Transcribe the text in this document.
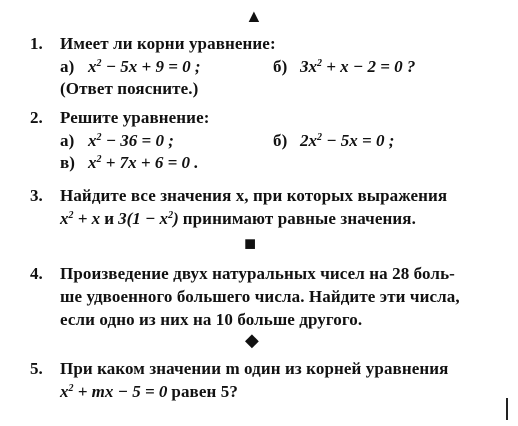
▲
■
◆
1. Имеет ли корни уравнение:
а) $x^2 - 5x + 9 = 0$ ;	б) $3x^2 + x - 2 = 0$ ?
(Ответ поясните.)
2. Решите уравнение:
а) $x^2 - 36 = 0$ ;	б) $2x^2 - 5x = 0$ ;
в) $x^2 + 7x + 6 = 0$ .
3. Найдите все значения x, при которых выражения
$x^2 + x$ и $3(1 - x^2)$ принимают равные значения.
4. Произведение двух натуральных чисел на 28 боль-
ше удвоенного большего числа. Найдите эти числа,
если одно из них на 10 больше другого.
5. При каком значении m один из корней уравнения
$x^2$ + mx − 5 = 0 равен 5?
